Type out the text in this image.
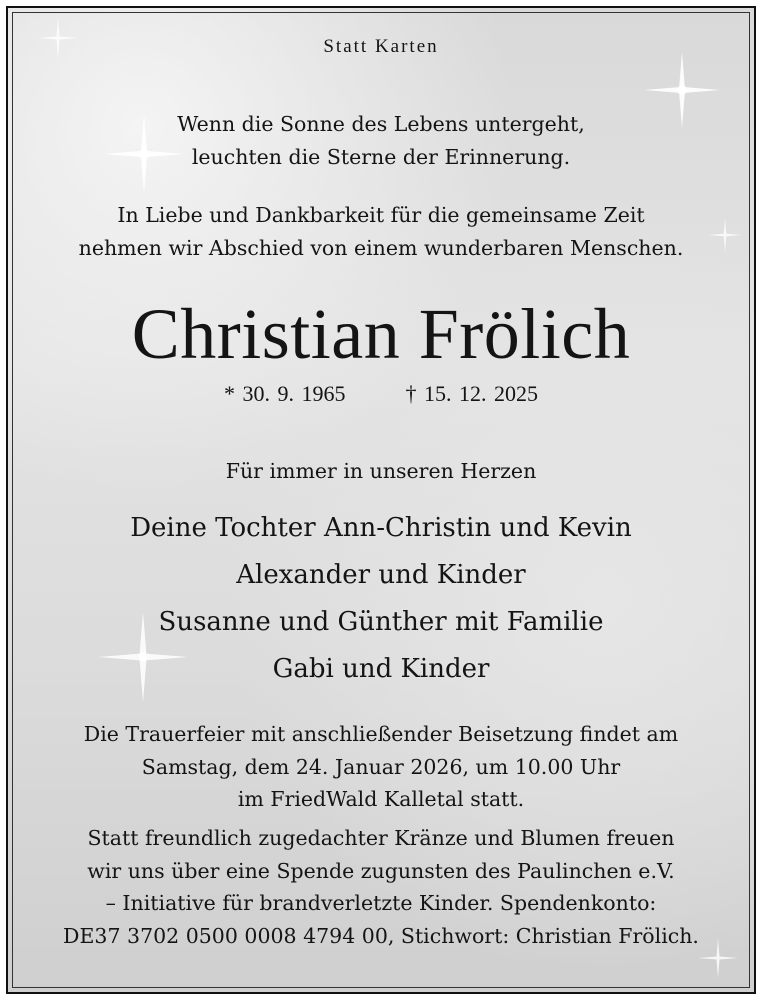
Statt Karten
Wenn die Sonne des Lebens untergeht,
leuchten die Sterne der Erinnerung.
In Liebe und Dankbarkeit für die gemeinsame Zeit
nehmen wir Abschied von einem wunderbaren Menschen.
Christian Frölich
* 30. 9. 1965	† 15. 12. 2025
Für immer in unseren Herzen
Deine Tochter Ann-Christin und Kevin
Alexander und Kinder
Susanne und Günther mit Familie
Gabi und Kinder
Die Trauerfeier mit anschließender Beisetzung findet am
Samstag, dem 24. Januar 2026, um 10.00 Uhr
im FriedWald Kalletal statt.
Statt freundlich zugedachter Kränze und Blumen freuen
wir uns über eine Spende zugunsten des Paulinchen e.V.
– Initiative für brandverletzte Kinder. Spendenkonto:
DE37 3702 0500 0008 4794 00, Stichwort: Christian Frölich.
